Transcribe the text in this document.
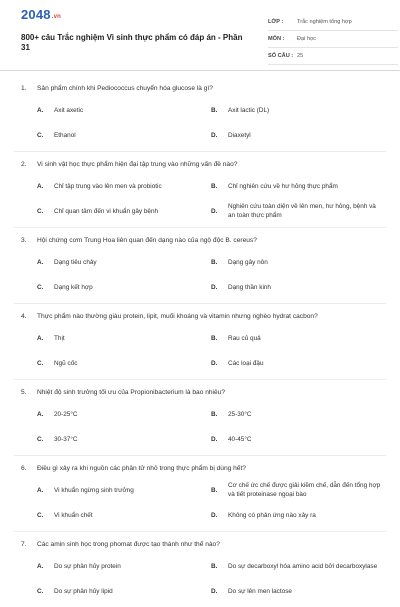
2048.vn
800+ câu Trắc nghiệm Vi sinh thực phẩm có đáp án - Phần 31
LỚP :	Trắc nghiệm tổng hợp
MÔN :	Đại học
SỐ CÂU : 25
1. Sản phẩm chính khi Pediococcus chuyển hóa glucose là gì?
A.	Axit axetic	B.	Axit lactic (DL)
C.	Ethanol	D.	Diaxetyl
2. Vi sinh vật học thực phẩm hiện đại tập trung vào những vấn đề nào?
A.	Chỉ tập trung vào lên men và probiotic	B.	Chỉ nghiên cứu về hư hỏng thực phẩm
C.	Chỉ quan tâm đến vi khuẩn gây bệnh	D.
Nghiên cứu toàn diện về lên men, hư hỏng, bệnh và an toàn thực phẩm
3. Hội chứng cơm Trung Hoa liên quan đến dạng nào của ngộ độc B. cereus?
A.	Dạng tiêu chảy	B.	Dạng gây nôn
C.	Dạng kết hợp	D.	Dạng thần kinh
4. Thực phẩm nào thường giàu protein, lipit, muối khoáng và vitamin nhưng nghèo hydrat cacbon?
A.	Thịt	B.	Rau củ quả
C.	Ngũ cốc	D.	Các loại đậu
5. Nhiệt độ sinh trưởng tối ưu của Propionibacterium là bao nhiêu?
A.	20-25°C	B.	25-30°C
C.	30-37°C	D.	40-45°C
6. Điều gì xảy ra khi nguồn các phân tử nhỏ trong thực phẩm bị dùng hết?
A.	Vi khuẩn ngừng sinh trưởng	B.
Cơ chế ức chế được giải kiềm chế, dẫn đến tổng hợp và tiết proteinase ngoại bào
C.	Vi khuẩn chết	D.	Không có phản ứng nào xảy ra
7. Các amin sinh học trong phomat được tạo thành như thế nào?
A.	Do sự phân hủy protein	B.	Do sự decarboxyl hóa amino acid bởi decarboxylase
C.	Do sự phân hủy lipid	D.	Do sự lên men lactose
